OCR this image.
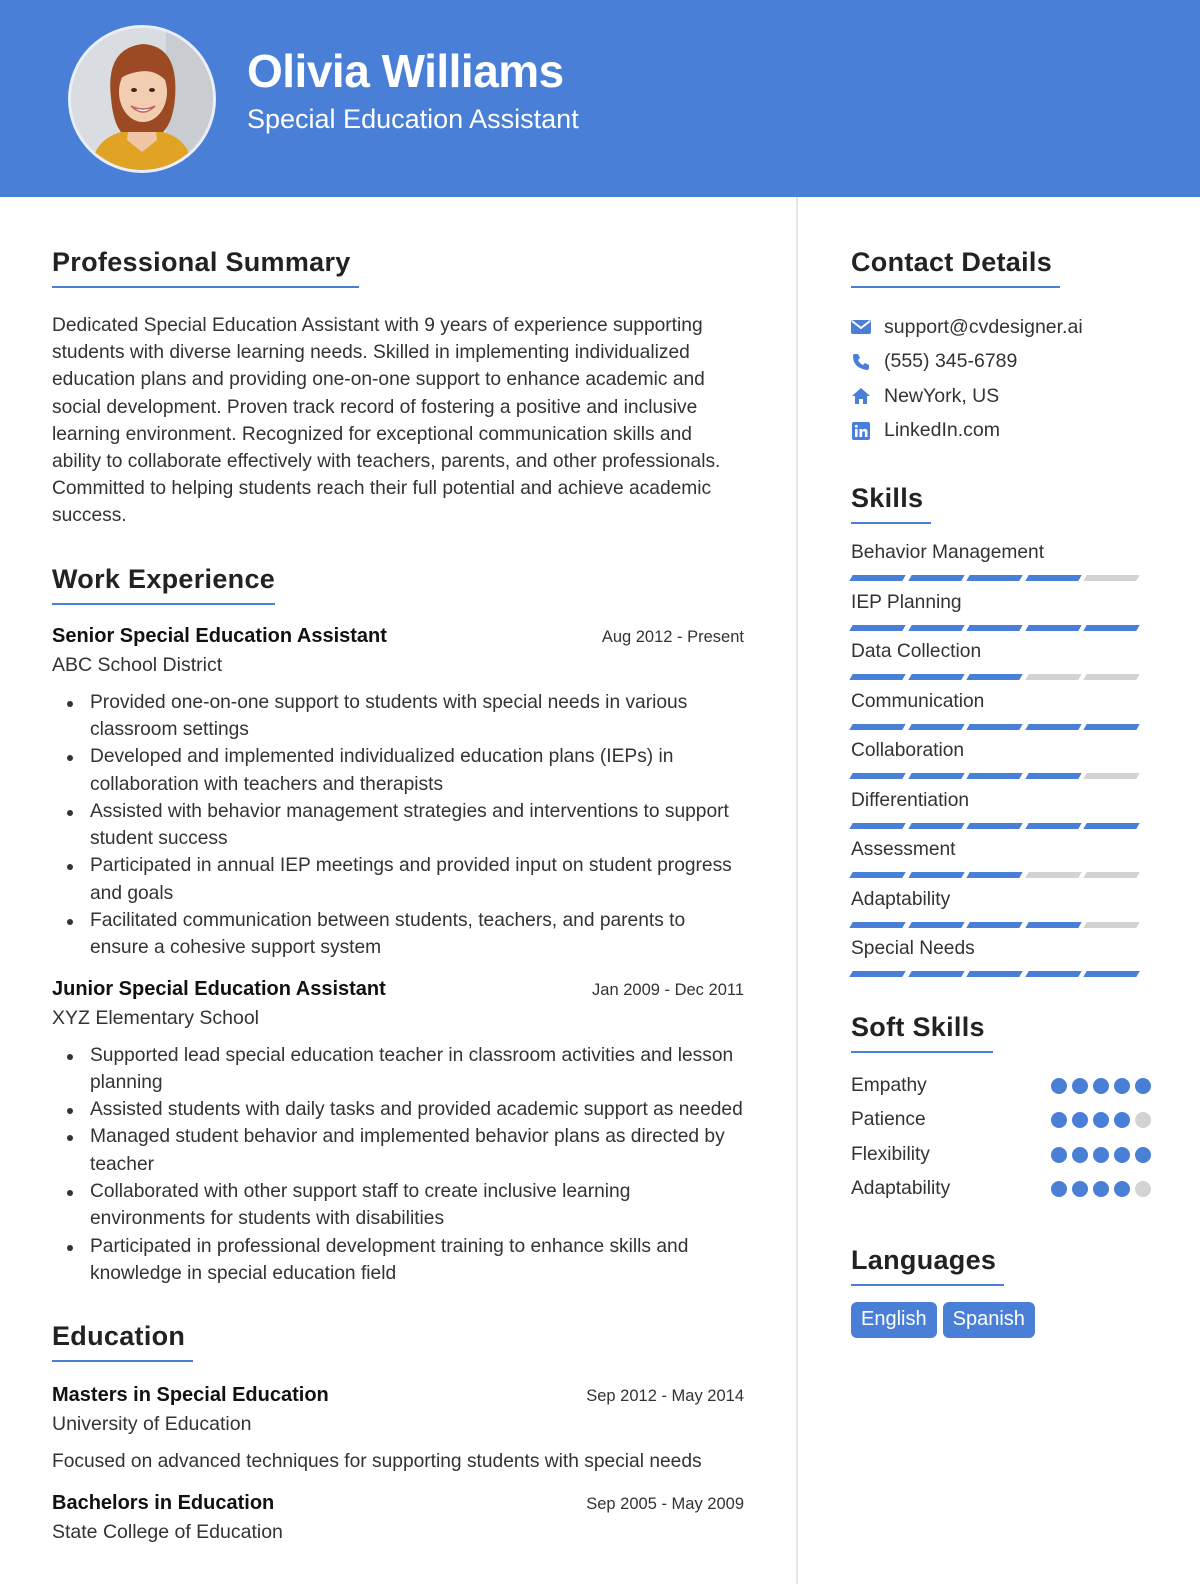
Olivia Williams
Special Education Assistant
Professional Summary

Dedicated Special Education Assistant with 9 years of experience supporting students with diverse learning needs. Skilled in implementing individualized education plans and providing one-on-one support to enhance academic and social development. Proven track record of fostering a positive and inclusive learning environment. Recognized for exceptional communication skills and ability to collaborate effectively with teachers, parents, and other professionals. Committed to helping students reach their full potential and achieve academic success.

Work Experience
Senior Special Education Assistant	Aug 2012 - Present
ABC School District
Provided one-on-one support to students with special needs in various classroom settings
Developed and implemented individualized education plans (IEPs) in collaboration with teachers and therapists
Assisted with behavior management strategies and interventions to support student success
Participated in annual IEP meetings and provided input on student progress and goals
Facilitated communication between students, teachers, and parents to ensure a cohesive support system
Junior Special Education Assistant	Jan 2009 - Dec 2011
XYZ Elementary School
Supported lead special education teacher in classroom activities and lesson planning
Assisted students with daily tasks and provided academic support as needed
Managed student behavior and implemented behavior plans as directed by teacher
Collaborated with other support staff to create inclusive learning environments for students with disabilities
Participated in professional development training to enhance skills and knowledge in special education field
Education
Masters in Special Education	Sep 2012 - May 2014
University of Education

Focused on advanced techniques for supporting students with special needs

Bachelors in Education	Sep 2005 - May 2009
State College of Education
Contact Details
support@cvdesigner.ai
(555) 345-6789
NewYork, US
LinkedIn.com
Skills
Behavior Management
IEP Planning
Data Collection
Communication
Collaboration
Differentiation
Assessment
Adaptability
Special Needs
Soft Skills
Empathy
Patience
Flexibility
Adaptability
Languages
English	Spanish
